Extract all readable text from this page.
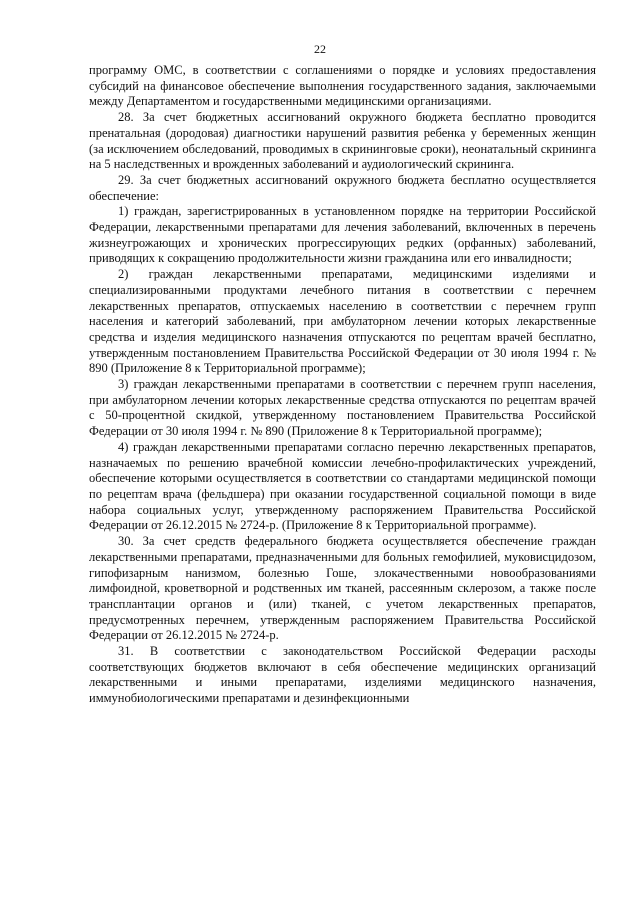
22

программу ОМС, в соответствии с соглашениями о порядке и условиях предоставления субсидий на финансовое обеспечение выполнения государственного задания, заключаемыми между Департаментом и государственными медицинскими организациями.

28. За счет бюджетных ассигнований окружного бюджета бесплатно проводится пренатальная (дородовая) диагностики нарушений развития ребенка у беременных женщин (за исключением обследований, проводимых в скрининговые сроки), неонатальный скрининга на 5 наследственных и врожденных заболеваний и аудиологический скрининга.

29. За счет бюджетных ассигнований окружного бюджета бесплатно осуществляется обеспечение:

1) граждан, зарегистрированных в установленном порядке на территории Российской Федерации, лекарственными препаратами для лечения заболеваний, включенных в перечень жизнеугрожающих и хронических прогрессирующих редких (орфанных) заболеваний, приводящих к сокращению продолжительности жизни гражданина или его инвалидности;

2) граждан лекарственными препаратами, медицинскими изделиями и специализированными продуктами лечебного питания в соответствии с перечнем лекарственных препаратов, отпускаемых населению в соответствии с перечнем групп населения и категорий заболеваний, при амбулаторном лечении которых лекарственные средства и изделия медицинского назначения отпускаются по рецептам врачей бесплатно, утвержденным постановлением Правительства Российской Федерации от 30 июля 1994 г. № 890 (Приложение 8 к Территориальной программе);

3) граждан лекарственными препаратами в соответствии с перечнем групп населения, при амбулаторном лечении которых лекарственные средства отпускаются по рецептам врачей с 50-процентной скидкой, утвержденному постановлением Правительства Российской Федерации от 30 июля 1994 г. № 890 (Приложение 8 к Территориальной программе);

4) граждан лекарственными препаратами согласно перечню лекарственных препаратов, назначаемых по решению врачебной комиссии лечебно-профилактических учреждений, обеспечение которыми осуществляется в соответствии со стандартами медицинской помощи по рецептам врача (фельдшера) при оказании государственной социальной помощи в виде набора социальных услуг, утвержденному распоряжением Правительства Российской Федерации от 26.12.2015 № 2724-р. (Приложение 8 к Территориальной программе).

30. За счет средств федерального бюджета осуществляется обеспечение граждан лекарственными препаратами, предназначенными для больных гемофилией, муковисцидозом, гипофизарным нанизмом, болезнью Гоше, злокачественными новообразованиями лимфоидной, кроветворной и родственных им тканей, рассеянным склерозом, а также после трансплантации органов и (или) тканей, с учетом лекарственных препаратов, предусмотренных перечнем, утвержденным распоряжением Правительства Российской Федерации от 26.12.2015 № 2724-р.

31. В соответствии с законодательством Российской Федерации расходы соответствующих бюджетов включают в себя обеспечение медицинских организаций лекарственными и иными препаратами, изделиями медицинского назначения, иммунобиологическими препаратами и дезинфекционными
